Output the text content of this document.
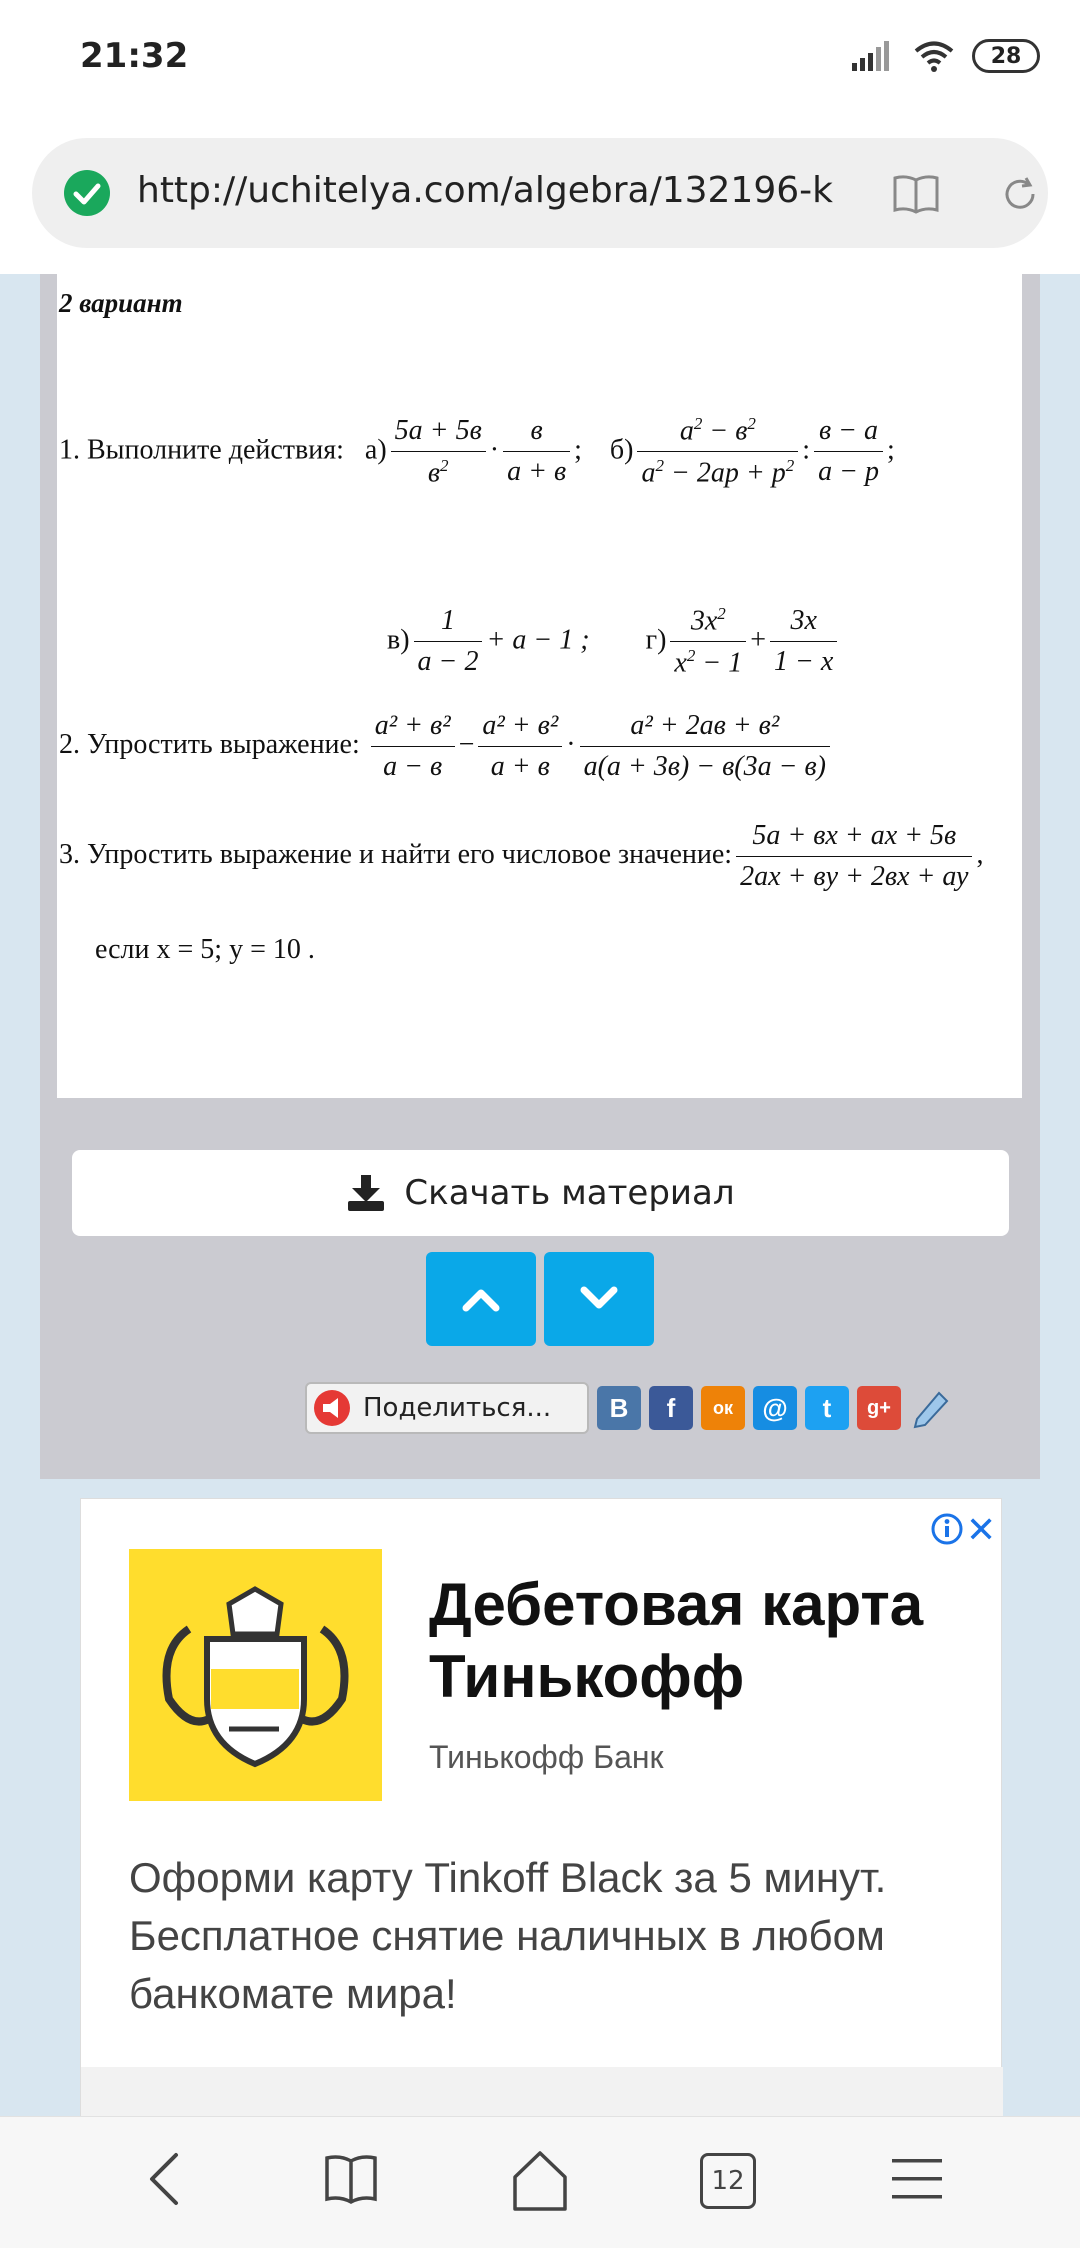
21:32	28
http://uchitelya.com/algebra/132196-k
2 вариант
1. Выполните действия: $а) \frac{5а + 5в}{в^2} \cdot \frac{в}{а + в}$ ; $б) \frac{а^2 - в^2}{а^2 - 2ар + р^2}$ : $\frac{в - а}{а - р}$ ;
$в) \frac{1}{а - 2} + а - 1$ ; $г) \frac{3х^2}{х^2 - 1} + \frac{3х}{1 - х}$
2. Упростить выражение: $\frac{\text{а² + в²}}{а - в} - \frac{\text{а² + в²}}{а + в} \cdot \frac{\text{а² + 2ав + в²}}{а(а + 3в) - в(3а - в)}$
3. Упростить выражение и найти его числовое значение: $\frac{5а + вх + ах + 5в}{2ах + ву + 2вх + ау}$ ,
если х = 5; у = 10 .
Скачать материал
Поделиться...	В	f	ок	@	t	g+
✕
Дебетовая карта Тинькофф
Тинькофф Банк
Оформи карту Tinkoff Black за 5 минут. Бесплатное снятие наличных в любом банкомате мира!
12
